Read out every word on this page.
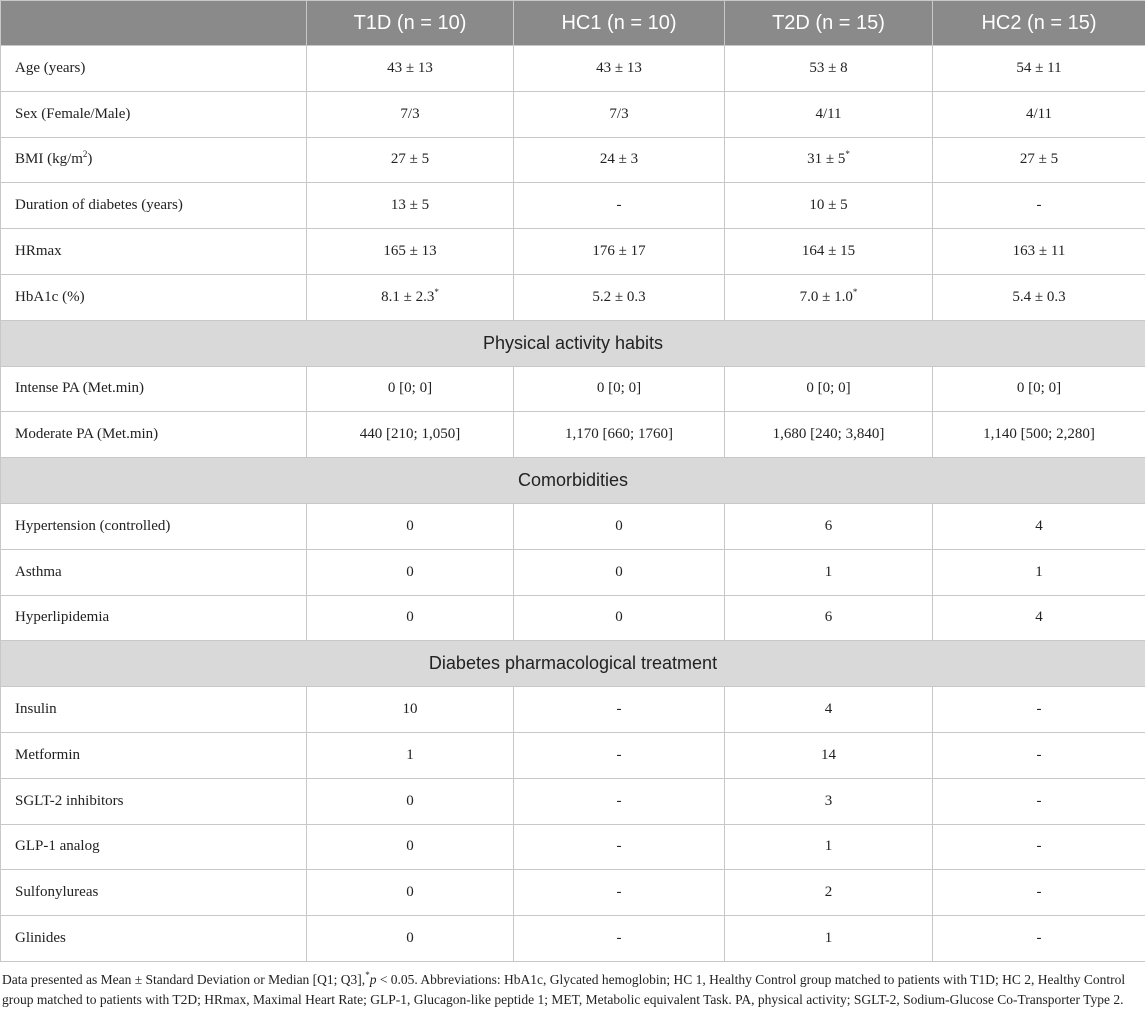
	T1D (n = 10)	HC1 (n = 10)	T2D (n = 15)	HC2 (n = 15)
Age (years)	43 ± 13	43 ± 13	53 ± 8	54 ± 11
Sex (Female/Male)	7/3	7/3	4/11	4/11
BMI $(kg/m^2)$	27 ± 5	24 ± 3	31 ± 5*	27 ± 5
Duration of diabetes (years)	13 ± 5	-	10 ± 5	-
HRmax	165 ± 13	176 ± 17	164 ± 15	163 ± 11
HbA1c (%)	8.1 ± 2.3*	5.2 ± 0.3	7.0 ± 1.0*	5.4 ± 0.3
Physical activity habits				
Intense PA (Met.min)	0 [0; 0]	0 [0; 0]	0 [0; 0]	0 [0; 0]
Moderate PA (Met.min)	440 [210; 1,050]	1,170 [660; 1760]	1,680 [240; 3,840]	1,140 [500; 2,280]
Comorbidities				
Hypertension (controlled)	0	0	6	4
Asthma	0	0	1	1
Hyperlipidemia	0	0	6	4
Diabetes pharmacological treatment				
Insulin	10	-	4	-
Metformin	1	-	14	-
SGLT-2 inhibitors	0	-	3	-
GLP-1 analog	0	-	1	-
Sulfonylureas	0	-	2	-
Glinides	0	-	1	-
Data presented as Mean ± Standard Deviation or Median [Q1; Q3],*p < 0.05. Abbreviations: HbA1c, Glycated hemoglobin; HC 1, Healthy Control group matched to patients with T1D; HC 2, Healthy Control group matched to patients with T2D; HRmax, Maximal Heart Rate; GLP-1, Glucagon-like peptide 1; MET, Metabolic equivalent Task. PA, physical activity; SGLT-2, Sodium-Glucose Co-Transporter Type 2.
